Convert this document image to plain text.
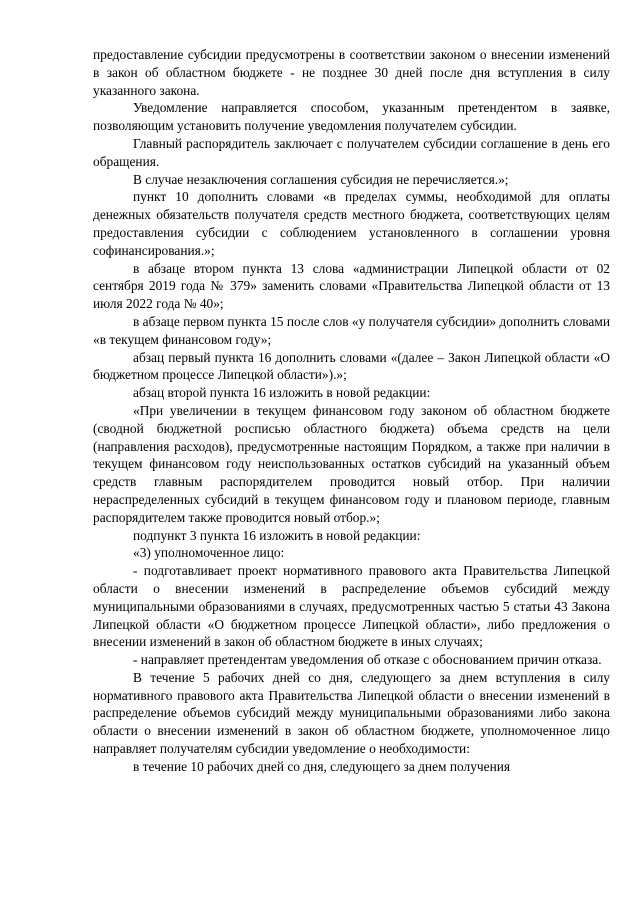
предоставление субсидии предусмотрены в соответствии законом о внесении изменений в закон об областном бюджете - не позднее 30 дней после дня вступления в силу указанного закона.

Уведомление направляется способом, указанным претендентом в заявке, позволяющим установить получение уведомления получателем субсидии.

Главный распорядитель заключает с получателем субсидии соглашение в день его обращения.

В случае незаключения соглашения субсидия не перечисляется.»;

пункт 10 дополнить словами «в пределах суммы, необходимой для оплаты денежных обязательств получателя средств местного бюджета, соответствующих целям предоставления субсидии с соблюдением установленного в соглашении уровня софинансирования.»;

в абзаце втором пункта 13 слова «администрации Липецкой области от 02 сентября 2019 года № 379» заменить словами «Правительства Липецкой области от 13 июля 2022 года № 40»;

в абзаце первом пункта 15 после слов «у получателя субсидии» дополнить словами «в текущем финансовом году»;

абзац первый пункта 16 дополнить словами «(далее – Закон Липецкой области «О бюджетном процессе Липецкой области»).»;

абзац второй пункта 16 изложить в новой редакции:

«При увеличении в текущем финансовом году законом об областном бюджете (сводной бюджетной росписью областного бюджета) объема средств на цели (направления расходов), предусмотренные настоящим Порядком, а также при наличии в текущем финансовом году неиспользованных остатков субсидий на указанный объем средств главным распорядителем проводится новый отбор. При наличии нераспределенных субсидий в текущем финансовом году и плановом периоде, главным распорядителем также проводится новый отбор.»;

подпункт 3 пункта 16 изложить в новой редакции:

«3) уполномоченное лицо:

- подготавливает проект нормативного правового акта Правительства Липецкой области о внесении изменений в распределение объемов субсидий между муниципальными образованиями в случаях, предусмотренных частью 5 статьи 43 Закона Липецкой области «О бюджетном процессе Липецкой области», либо предложения о внесении изменений в закон об областном бюджете в иных случаях;

- направляет претендентам уведомления об отказе с обоснованием причин отказа.

В течение 5 рабочих дней со дня, следующего за днем вступления в силу нормативного правового акта Правительства Липецкой области о внесении изменений в распределение объемов субсидий между муниципальными образованиями либо закона области о внесении изменений в закон об областном бюджете, уполномоченное лицо направляет получателям субсидии уведомление о необходимости:

в течение 10 рабочих дней со дня, следующего за днем получения
